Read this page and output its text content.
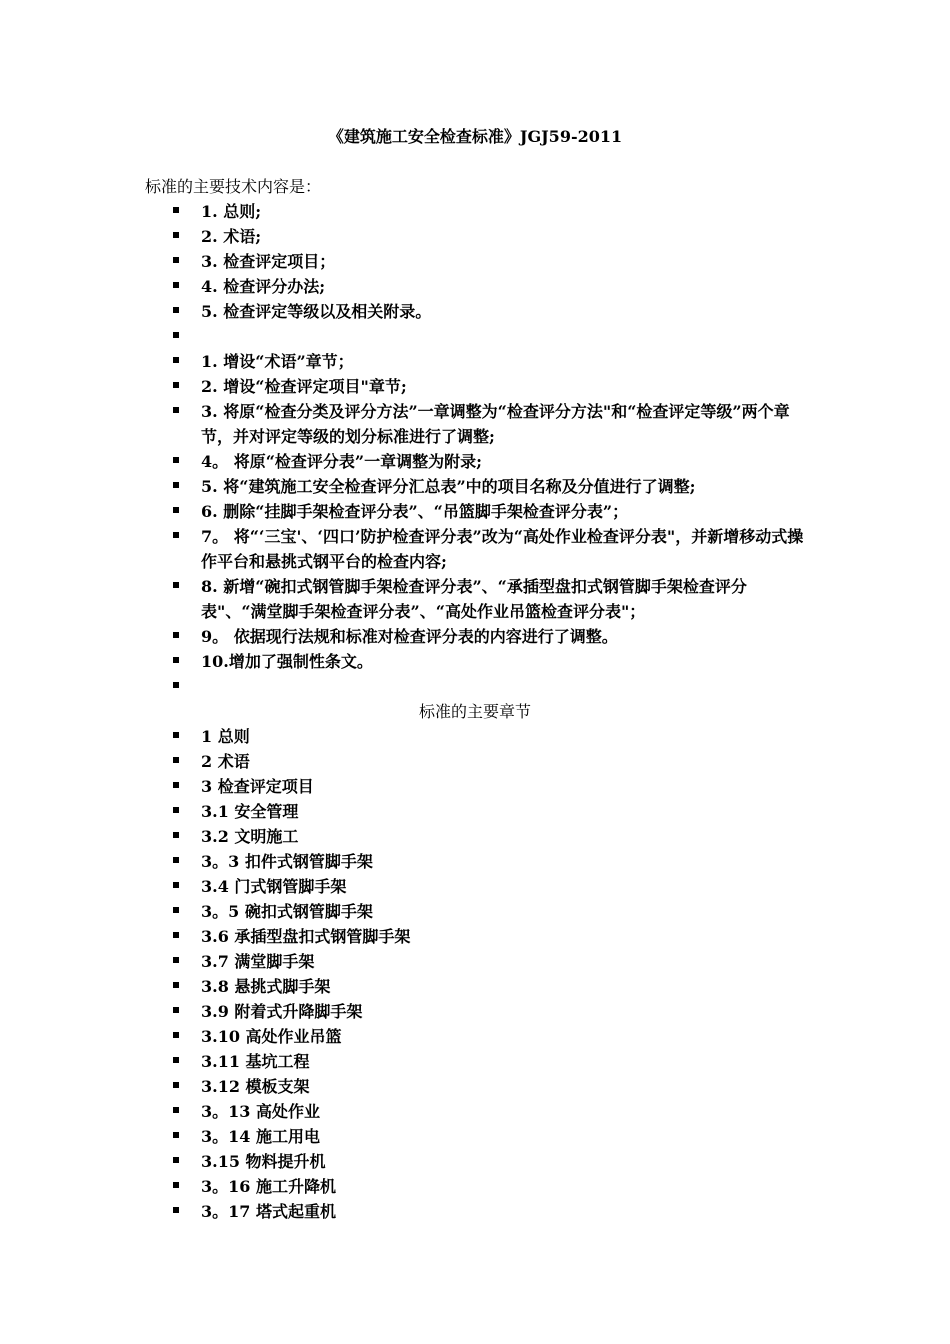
《建筑施工安全检查标准》JGJ59-2011

标准的主要技术内容是：

1. 总则;
2. 术语;
3. 检查评定项目；
4. 检查评分办法;
5. 检查评定等级以及相关附录。
1. 增设“术语”章节；
2. 增设“检查评定项目"章节;
3. 将原“检查分类及评分方法”一章调整为“检查评分方法"和“检查评定等级”两个章节，并对评定等级的划分标准进行了调整;
4。 将原“检查评分表”一章调整为附录;
5. 将“建筑施工安全检查评分汇总表”中的项目名称及分值进行了调整;
6. 删除“挂脚手架检查评分表”、“吊篮脚手架检查评分表”；
7。 将“‘三宝'、‘四口’防护检查评分表”改为“高处作业检查评分表"，并新增移动式操作平台和悬挑式钢平台的检查内容;
8. 新增“碗扣式钢管脚手架检查评分表”、“承插型盘扣式钢管脚手架检查评分表"、“满堂脚手架检查评分表”、“高处作业吊篮检查评分表"；
9。 依据现行法规和标准对检查评分表的内容进行了调整。
10.增加了强制性条文。
标准的主要章节
1 总则
2 术语
3 检查评定项目
3.1 安全管理
3.2 文明施工
3。3 扣件式钢管脚手架
3.4 门式钢管脚手架
3。5 碗扣式钢管脚手架
3.6 承插型盘扣式钢管脚手架
3.7 满堂脚手架
3.8 悬挑式脚手架
3.9 附着式升降脚手架
3.10 高处作业吊篮
3.11 基坑工程
3.12 模板支架
3。13 高处作业
3。14 施工用电
3.15 物料提升机
3。16 施工升降机
3。17 塔式起重机
